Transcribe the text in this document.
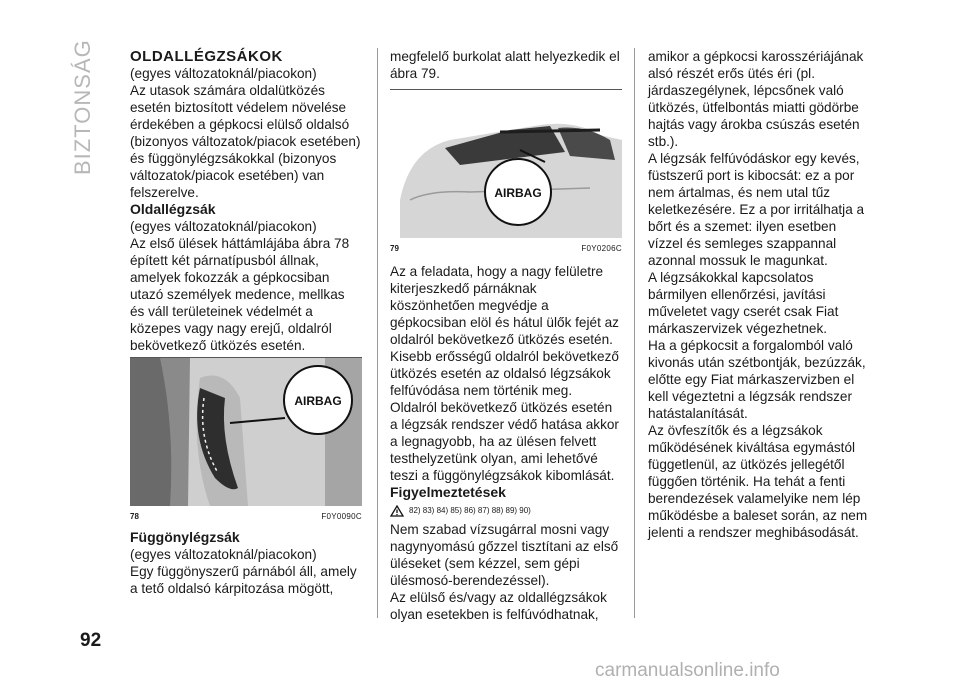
BIZTONSÁG OLDALLÉGZSÁKOK

(egyes változatoknál/piacokon)

Az utasok számára oldalütközés esetén biztosított védelem növelése érdekében a gépkocsi elülső oldalsó (bizonyos változatok/piacok esetében) és függönylégzsákokkal (bizonyos változatok/piacok esetében) van felszerelve.

Oldallégzsák

(egyes változatoknál/piacokon)

Az első ülések háttámlájába ábra 78 épített két párnatípusból állnak, amelyek fokozzák a gépkocsiban utazó személyek medence, mellkas és váll területeinek védelmét a közepes vagy nagy erejű, oldalról bekövetkező ütközés esetén.

AIRBAG
78	F0Y0090C

Függönylégzsák

(egyes változatoknál/piacokon)

Egy függönyszerű párnából áll, amely a tető oldalsó kárpitozása mögött,

megfelelő burkolat alatt helyezkedik el ábra 79.

AIRBAG
79	F0Y0206C

Az a feladata, hogy a nagy felületre kiterjeszkedő párnáknak köszönhetően megvédje a gépkocsiban elöl és hátul ülők fejét az oldalról bekövetkező ütközés esetén.

Kisebb erősségű oldalról bekövetkező ütközés esetén az oldalsó légzsákok felfúvódása nem történik meg.

Oldalról bekövetkező ütközés esetén a légzsák rendszer védő hatása akkor a legnagyobb, ha az ülésen felvett testhelyzetünk olyan, ami lehetővé teszi a függönylégzsákok kibomlását.

Figyelmeztetések

82) 83) 84) 85) 86) 87) 88) 89) 90)

Nem szabad vízsugárral mosni vagy nagynyomású gőzzel tisztítani az első üléseket (sem kézzel, sem gépi ülésmosó-berendezéssel).

Az elülső és/vagy az oldallégzsákok olyan esetekben is felfúvódhatnak,

amikor a gépkocsi karosszériájának alsó részét erős ütés éri (pl. járdaszegélynek, lépcsőnek való ütközés, ütfelbontás miatti gödörbe hajtás vagy árokba csúszás esetén stb.).

A légzsák felfúvódáskor egy kevés, füstszerű port is kibocsát: ez a por nem ártalmas, és nem utal tűz keletkezésére. Ez a por irritálhatja a bőrt és a szemet: ilyen esetben vízzel és semleges szappannal azonnal mossuk le magunkat.

A légzsákokkal kapcsolatos bármilyen ellenőrzési, javítási műveletet vagy cserét csak Fiat márkaszervizek végezhetnek.

Ha a gépkocsit a forgalomból való kivonás után szétbontják, bezúzzák, előtte egy Fiat márkaszervizben el kell végeztetni a légzsák rendszer hatástalanítását.

Az övfeszítők és a légzsákok működésének kiváltása egymástól függetlenül, az ütközés jellegétől függően történik. Ha tehát a fenti berendezések valamelyike nem lép működésbe a baleset során, az nem jelenti a rendszer meghibásodását.

92
carmanualsonline.info
